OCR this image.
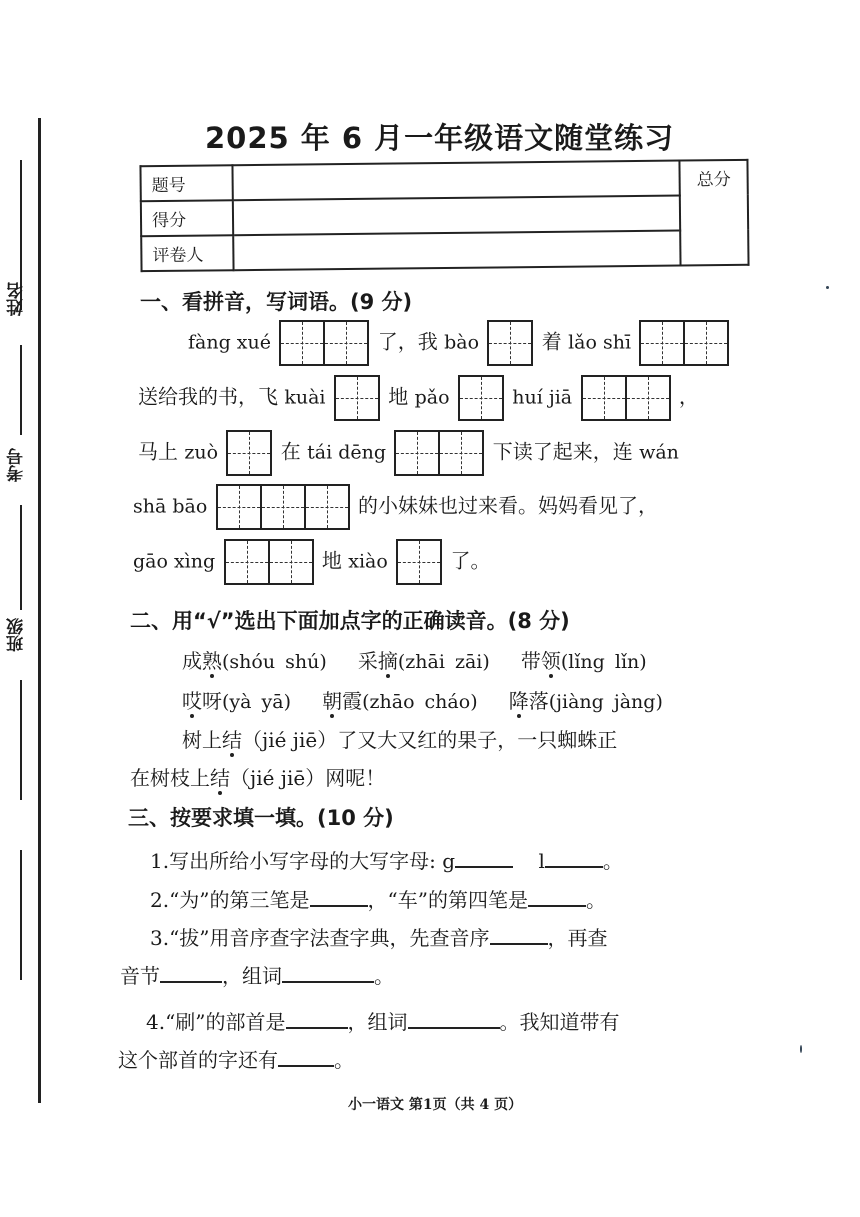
姓名
考号
班级
2025 年 6 月一年级语文随堂练习
题号		总分
得分		
评卷人		
一、看拼音，写词语。(9 分)
fàng xué	了，我 bào	着 lǎo shī
送给我的书，飞 kuài	地 pǎo	huí jiā	，
马上 zuò	在 tái dēng	下读了起来，连 wán
shā bāo	的小妹妹也过来看。妈妈看见了，
gāo xìng	地 xiào	了。
二、用“√”选出下面加点字的正确读音。(8 分)
成熟(shóu shú) 采摘(zhāi zāi) 带领(lǐng lǐn)
哎呀(yà yā) 朝霞(zhāo cháo) 降落(jiàng jàng)
树上结（jié jiē）了又大又红的果子，一只蜘蛛正
在树枝上结（jié jiē）网呢！
三、按要求填一填。(10 分)
1.写出所给小写字母的大写字母: g	l	。
2.“为”的第三笔是	，“车”的第四笔是	。
3.“拔”用音序查字法查字典，先查音序	，再查
音节	，组词	。
4.“刷”的部首是	，组词	。我知道带有
这个部首的字还有	。
小一语文 第1页（共 4 页）
